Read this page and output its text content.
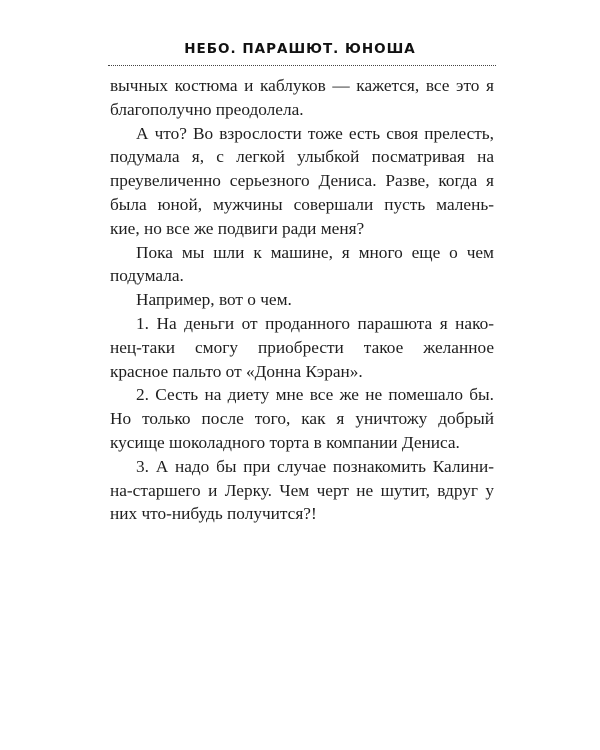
НЕБО. ПАРАШЮТ. ЮНОША

вычных костюма и каблуков — кажется, все это я
благополучно преодолела.

А что? Во взрослости тоже есть своя прелесть,
подумала я, с легкой улыбкой посматривая на
преувеличенно серьезного Дениса. Разве, когда я
была юной, мужчины совершали пусть малень-
кие, но все же подвиги ради меня?

Пока мы шли к машине, я много еще о чем
подумала.

Например, вот о чем.

1. На деньги от проданного парашюта я нако-
нец-таки смогу приобрести такое желанное
красное пальто от «Донна Кэран».

2. Сесть на диету мне все же не помешало бы.
Но только после того, как я уничтожу добрый
кусище шоколадного торта в компании Дениса.

3. А надо бы при случае познакомить Калини-
на-старшего и Лерку. Чем черт не шутит, вдруг у
них что-нибудь получится?!
